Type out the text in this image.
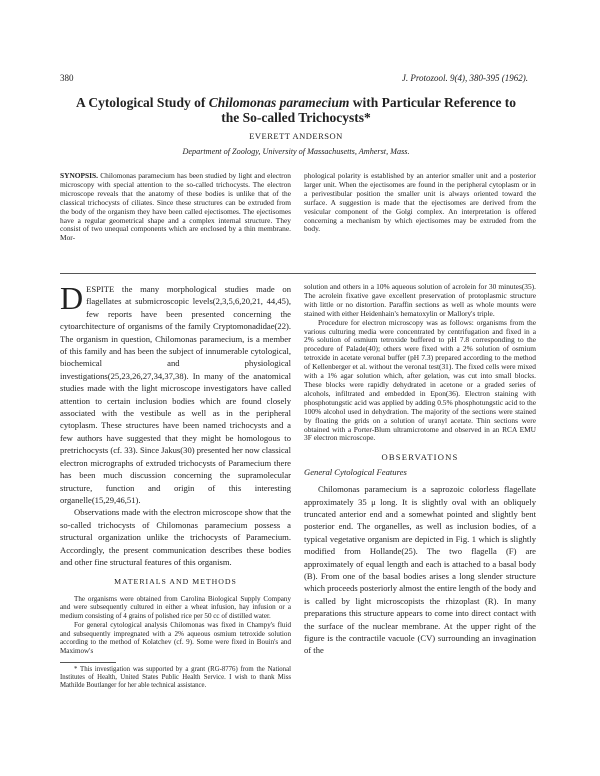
380	J. Protozool. 9(4), 380-395 (1962).
A Cytological Study of Chilomonas paramecium with Particular Reference to
the So-called Trichocysts*
EVERETT ANDERSON
Department of Zoology, University of Massachusetts, Amherst, Mass.
SYNOPSIS. Chilomonas paramecium has been studied by light and electron microscopy with special attention to the so-called trichocysts. The electron microscope reveals that the anatomy of these bodies is unlike that of the classical trichocysts of ciliates. Since these structures can be extruded from the body of the organism they have been called ejectisomes. The ejectisomes have a regular geometrical shape and a complex internal structure. They consist of two unequal components which are enclosed by a thin membrane. Mor-
phological polarity is established by an anterior smaller unit and a posterior larger unit. When the ejectisomes are found in the peripheral cytoplasm or in a perivestibular position the smaller unit is always oriented toward the surface. A suggestion is made that the ejectisomes are derived from the vesicular component of the Golgi complex. An interpretation is offered concerning a mechanism by which ejectisomes may be extruded from the body.

DESPITE the many morphological studies made on flagellates at submicroscopic levels(2,3,5,6,20,21, 44,45), few reports have been presented concerning the cytoarchitecture of organisms of the family Cryptomonadidae(22). The organism in question, Chilomonas paramecium, is a member of this family and has been the subject of innumerable cytological, biochemical and physiological investigations(25,23,26,27,34,37,38). In many of the anatomical studies made with the light microscope investigators have called attention to certain inclusion bodies which are found closely associated with the vestibule as well as in the peripheral cytoplasm. These structures have been named trichocysts and a few authors have suggested that they might be homologous to pretrichocysts (cf. 33). Since Jakus(30) presented her now classical electron micrographs of extruded trichocysts of Paramecium there has been much discussion concerning the supramolecular structure, function and origin of this interesting organelle(15,29,46,51).

Observations made with the electron microscope show that the so-called trichocysts of Chilomonas paramecium possess a structural organization unlike the trichocysts of Paramecium. Accordingly, the present communication describes these bodies and other fine structural features of this organism.

MATERIALS AND METHODS

The organisms were obtained from Carolina Biological Supply Company and were subsequently cultured in either a wheat infusion, hay infusion or a medium consisting of 4 grains of polished rice per 50 cc of distilled water.

For general cytological analysis Chilomonas was fixed in Champy's fluid and subsequently impregnated with a 2% aqueous osmium tetroxide solution according to the method of Kolatchev (cf. 9). Some were fixed in Bouin's and Maximow's

* This investigation was supported by a grant (RG-8776) from the National Institutes of Health, United States Public Health Service. I wish to thank Miss Mathilde Boutlanger for her able technical assistance.

solution and others in a 10% aqueous solution of acrolein for 30 minutes(35). The acrolein fixative gave excellent preservation of protoplasmic structure with little or no distortion. Paraffin sections as well as whole mounts were stained with either Heidenhain's hematoxylin or Mallory's triple.

Procedure for electron microscopy was as follows: organisms from the various culturing media were concentrated by centrifugation and fixed in a 2% solution of osmium tetroxide buffered to pH 7.8 corresponding to the procedure of Palade(40); others were fixed with a 2% solution of osmium tetroxide in acetate veronal buffer (pH 7.3) prepared according to the method of Kellenberger et al. without the veronal test(31). The fixed cells were mixed with a 1% agar solution which, after gelation, was cut into small blocks. These blocks were rapidly dehydrated in acetone or a graded series of alcohols, infiltrated and embedded in Epon(36). Electron staining with phosphotungstic acid was applied by adding 0.5% phosphotungstic acid to the 100% alcohol used in dehydration. The majority of the sections were stained by floating the grids on a solution of uranyl acetate. Thin sections were obtained with a Porter-Blum ultramicrotome and observed in an RCA EMU 3F electron microscope.

OBSERVATIONS
General Cytological Features

Chilomonas paramecium is a saprozoic colorless flagellate approximately 35 μ long. It is slightly oval with an obliquely truncated anterior end and a somewhat pointed and slightly bent posterior end. The organelles, as well as inclusion bodies, of a typical vegetative organism are depicted in Fig. 1 which is slightly modified from Hollande(25). The two flagella (F) are approximately of equal length and each is attached to a basal body (B). From one of the basal bodies arises a long slender structure which proceeds posteriorly almost the entire length of the body and is called by light microscopists the rhizoplast (R). In many preparations this structure appears to come into direct contact with the surface of the nuclear membrane. At the upper right of the figure is the contractile vacuole (CV) surrounding an invagination of the
